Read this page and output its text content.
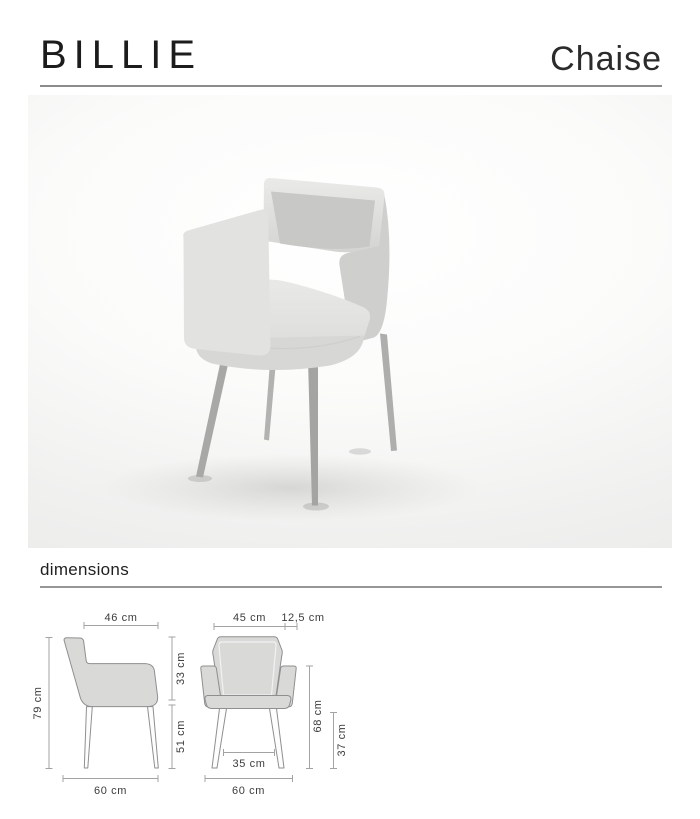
BILLIE	Chaise
dimensions
46 cm
79 cm
33 cm
51 cm
60 cm
45 cm 12,5 cm
68 cm
37 cm
35 cm
60 cm
